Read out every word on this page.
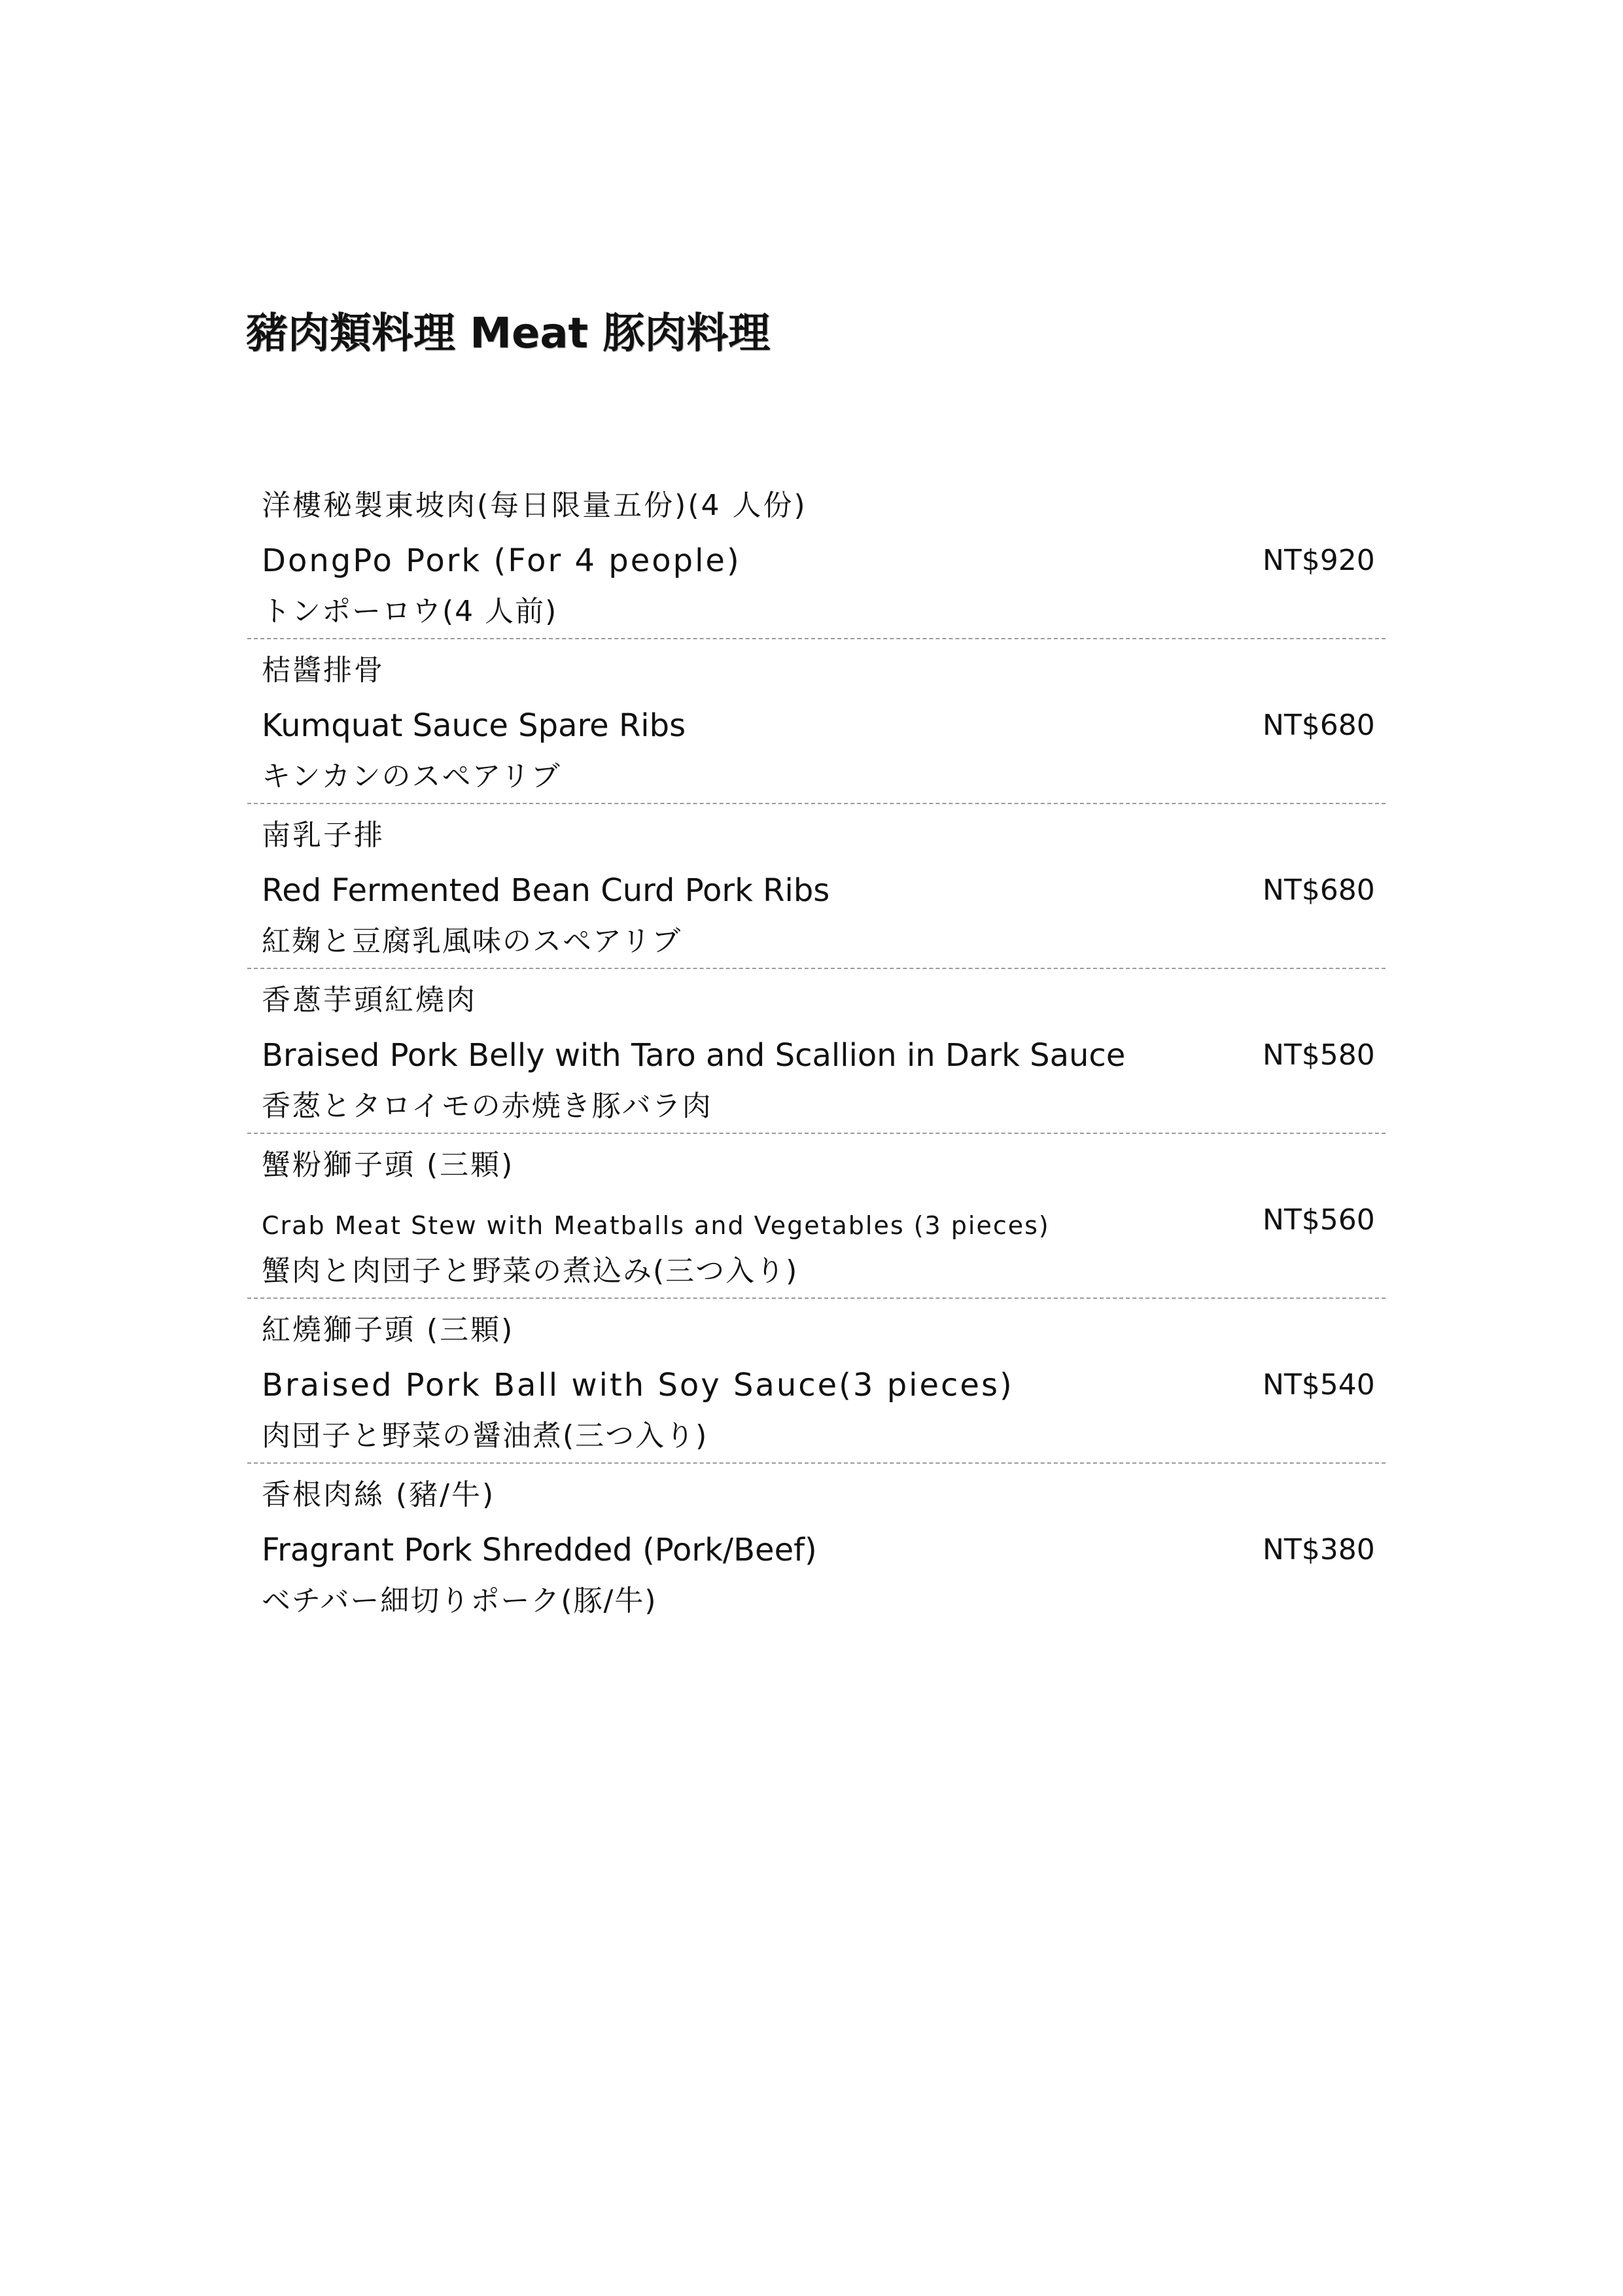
豬肉類料理 Meat 豚肉料理
洋樓秘製東坡肉(每日限量五份)(4 人份)
DongPo Pork (For 4 people)
トンポーロウ(4 人前)
NT$920
桔醬排骨
Kumquat Sauce Spare Ribs
キンカンのスペアリブ
NT$680
南乳子排
Red Fermented Bean Curd Pork Ribs
紅麹と豆腐乳風味のスペアリブ
NT$680
香蔥芋頭紅燒肉
Braised Pork Belly with Taro and Scallion in Dark Sauce
香葱とタロイモの赤焼き豚バラ肉
NT$580
蟹粉獅子頭 (三顆)
Crab Meat Stew with Meatballs and Vegetables (3 pieces)
蟹肉と肉団子と野菜の煮込み(三つ入り)
NT$560
紅燒獅子頭 (三顆)
Braised Pork Ball with Soy Sauce(3 pieces)
肉団子と野菜の醤油煮(三つ入り)
NT$540
香根肉絲 (豬/牛)
Fragrant Pork Shredded (Pork/Beef)
ベチバー細切りポーク(豚/牛)
NT$380
